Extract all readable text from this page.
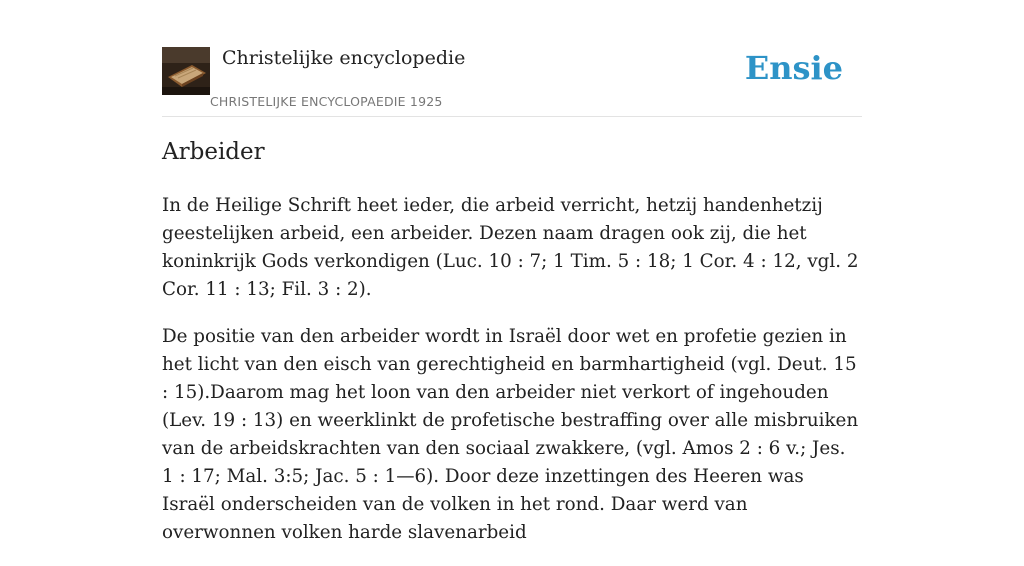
Christelijke encyclopedie
CHRISTELIJKE ENCYCLOPAEDIE 1925
Ensie
Arbeider

In de Heilige Schrift heet ieder, die arbeid verricht, hetzij handenhetzij geestelijken arbeid, een arbeider. Dezen naam dragen ook zij, die het koninkrijk Gods verkondigen (Luc. 10 : 7; 1 Tim. 5 : 18; 1 Cor. 4 : 12, vgl. 2 Cor. 11 : 13; Fil. 3 : 2).

De positie van den arbeider wordt in Israël door wet en profetie gezien in het licht van den eisch van gerechtigheid en barmhartigheid (vgl. Deut. 15 : 15).Daarom mag het loon van den arbeider niet verkort of ingehouden (Lev. 19 : 13) en weerklinkt de profetische bestraffing over alle misbruiken van de arbeidskrachten van den sociaal zwakkere, (vgl. Amos 2 : 6 v.; Jes. 1 : 17; Mal. 3:5; Jac. 5 : 1—6). Door deze inzettingen des Heeren was Israël onderscheiden van de volken in het rond. Daar werd van overwonnen volken harde slavenarbeid
